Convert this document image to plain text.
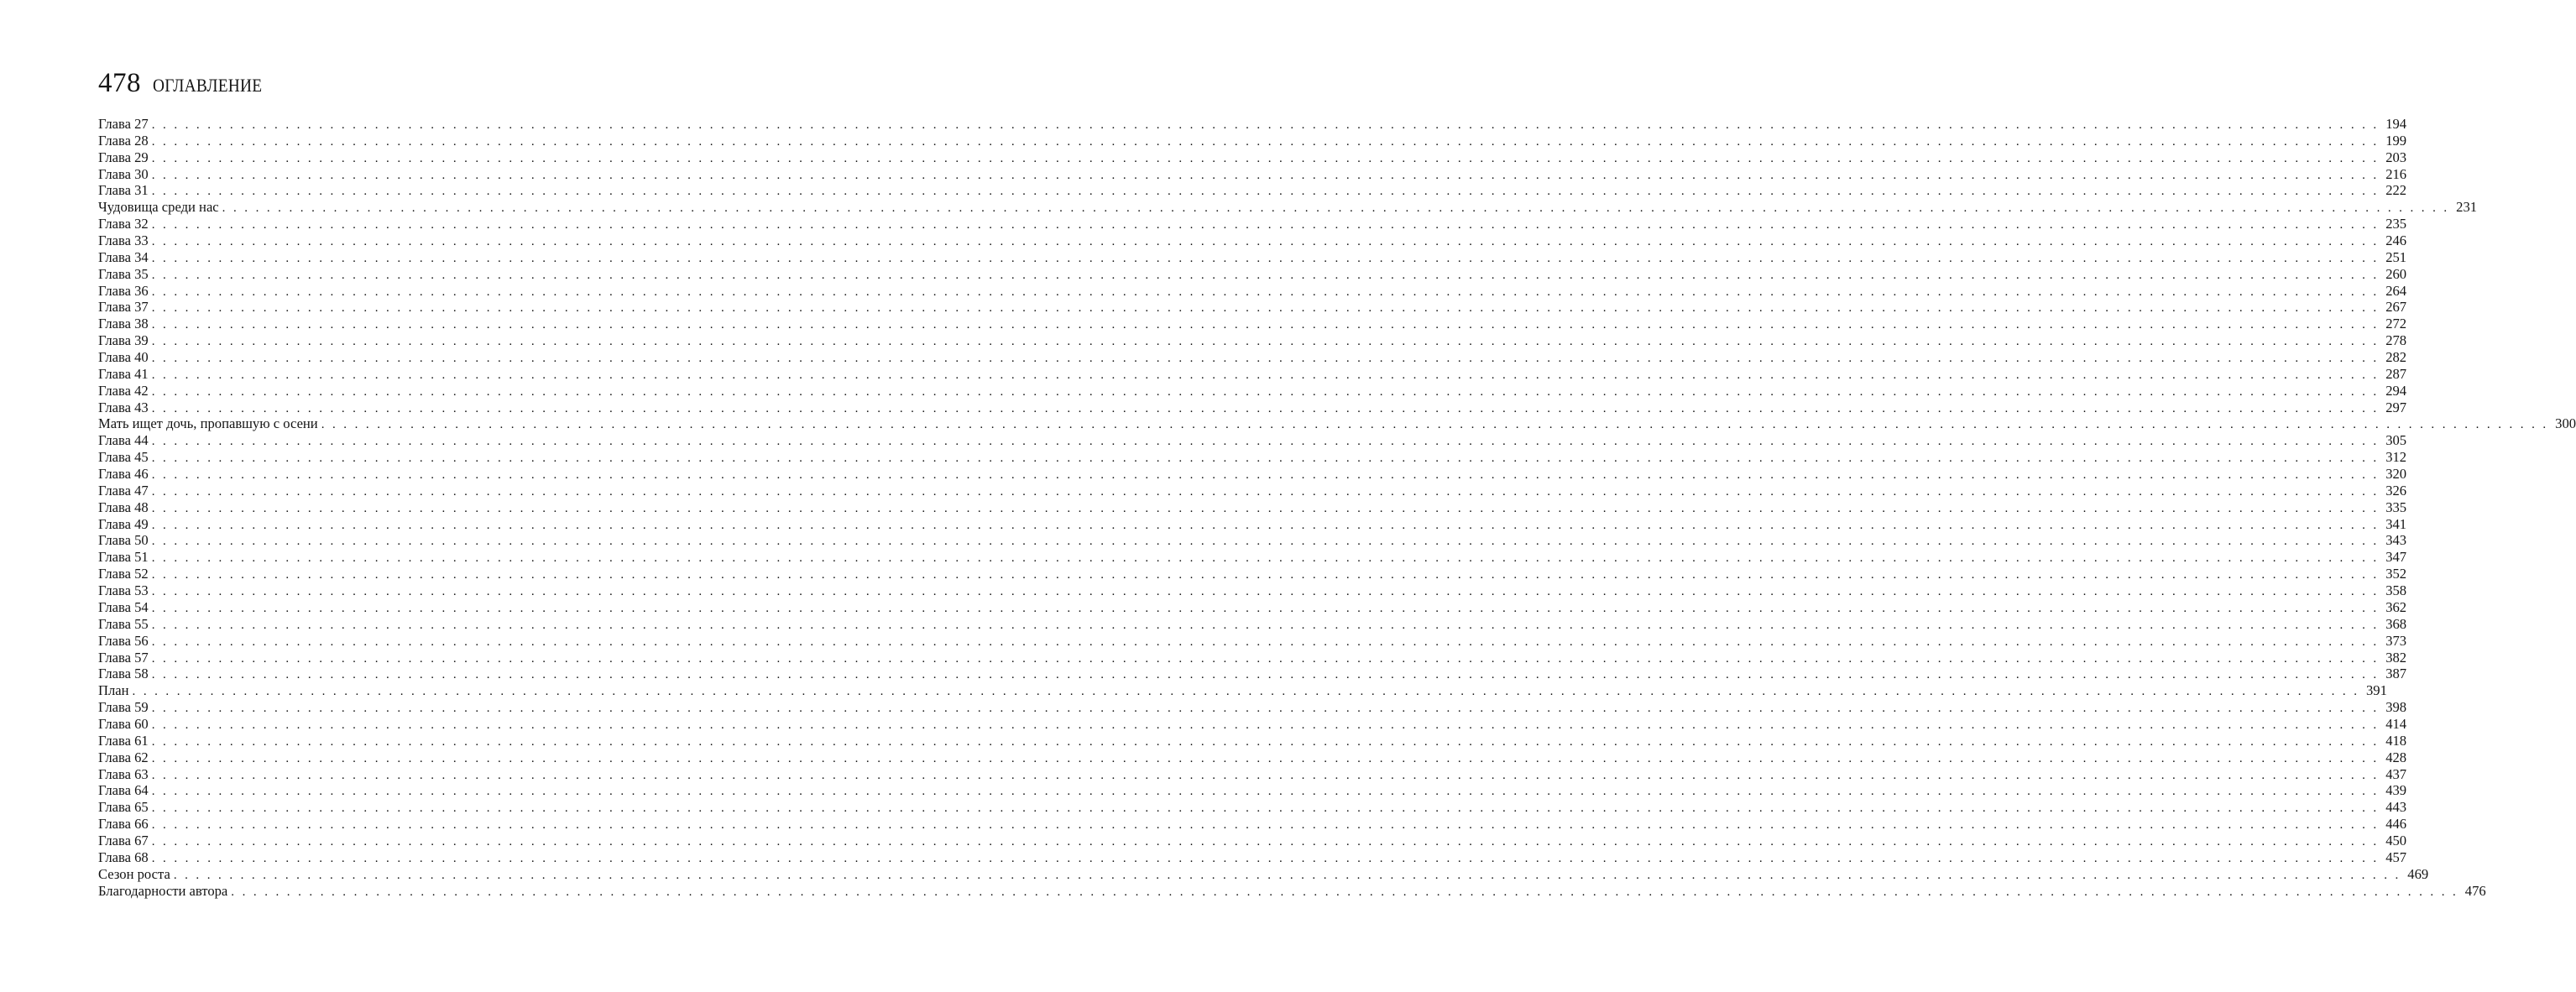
478 ОГЛАВЛЕНИЕ
Глава 27 . . . . . . . . . . . . . . . . . . . . . . . . . . . . . . . . . . . . . . . . . . . . . . . . . . . . . . . . . . . . . . . . . . . . . . . . . . . . . . . . . . . . . . . . . . . . . . . . . . . . . . . . . . . . . . . . . . . . . . . . . . . . . . . . . . . . . . . . . . . . . . . . . . . . . . . . . . . . . . . . . . . . . . . . . . . . . . . . . . . . . . . . . . . . . . . . . . . . . . . . 194
Глава 28 . . . . . . . . . . . . . . . . . . . . . . . . . . . . . . . . . . . . . . . . . . . . . . . . . . . . . . . . . . . . . . . . . . . . . . . . . . . . . . . . . . . . . . . . . . . . . . . . . . . . . . . . . . . . . . . . . . . . . . . . . . . . . . . . . . . . . . . . . . . . . . . . . . . . . . . . . . . . . . . . . . . . . . . . . . . . . . . . . . . . . . . . . . . . . . . . . . . . . . . . 199
Глава 29 . . . . . . . . . . . . . . . . . . . . . . . . . . . . . . . . . . . . . . . . . . . . . . . . . . . . . . . . . . . . . . . . . . . . . . . . . . . . . . . . . . . . . . . . . . . . . . . . . . . . . . . . . . . . . . . . . . . . . . . . . . . . . . . . . . . . . . . . . . . . . . . . . . . . . . . . . . . . . . . . . . . . . . . . . . . . . . . . . . . . . . . . . . . . . . . . . . . . . . . . 203
Глава 30 . . . . . . . . . . . . . . . . . . . . . . . . . . . . . . . . . . . . . . . . . . . . . . . . . . . . . . . . . . . . . . . . . . . . . . . . . . . . . . . . . . . . . . . . . . . . . . . . . . . . . . . . . . . . . . . . . . . . . . . . . . . . . . . . . . . . . . . . . . . . . . . . . . . . . . . . . . . . . . . . . . . . . . . . . . . . . . . . . . . . . . . . . . . . . . . . . . . . . . . . 216
Глава 31 . . . . . . . . . . . . . . . . . . . . . . . . . . . . . . . . . . . . . . . . . . . . . . . . . . . . . . . . . . . . . . . . . . . . . . . . . . . . . . . . . . . . . . . . . . . . . . . . . . . . . . . . . . . . . . . . . . . . . . . . . . . . . . . . . . . . . . . . . . . . . . . . . . . . . . . . . . . . . . . . . . . . . . . . . . . . . . . . . . . . . . . . . . . . . . . . . . . . . . . . 222
Чудовища среди нас . . . . . . . . . . . . . . . . . . . . . . . . . . . . . . . . . . . . . . . . . . . . . . . . . . . . . . . . . . . . . . . . . . . . . . . . . . . . . . . . . . . . . . . . . . . . . . . . . . . . . . . . . . . . . . . . . . . . . . . . . . . . . . . . . . . . . . . . . . . . . . . . . . . . . . . . . . . . . . . . . . . . . . . . . . . . . . . . . . . . . . . . . . . . . . . . . . . . . . . . 231
Глава 32 . . . . . . . . . . . . . . . . . . . . . . . . . . . . . . . . . . . . . . . . . . . . . . . . . . . . . . . . . . . . . . . . . . . . . . . . . . . . . . . . . . . . . . . . . . . . . . . . . . . . . . . . . . . . . . . . . . . . . . . . . . . . . . . . . . . . . . . . . . . . . . . . . . . . . . . . . . . . . . . . . . . . . . . . . . . . . . . . . . . . . . . . . . . . . . . . . . . . . . . . 235
Глава 33 . . . . . . . . . . . . . . . . . . . . . . . . . . . . . . . . . . . . . . . . . . . . . . . . . . . . . . . . . . . . . . . . . . . . . . . . . . . . . . . . . . . . . . . . . . . . . . . . . . . . . . . . . . . . . . . . . . . . . . . . . . . . . . . . . . . . . . . . . . . . . . . . . . . . . . . . . . . . . . . . . . . . . . . . . . . . . . . . . . . . . . . . . . . . . . . . . . . . . . . . 246
Глава 34 . . . . . . . . . . . . . . . . . . . . . . . . . . . . . . . . . . . . . . . . . . . . . . . . . . . . . . . . . . . . . . . . . . . . . . . . . . . . . . . . . . . . . . . . . . . . . . . . . . . . . . . . . . . . . . . . . . . . . . . . . . . . . . . . . . . . . . . . . . . . . . . . . . . . . . . . . . . . . . . . . . . . . . . . . . . . . . . . . . . . . . . . . . . . . . . . . . . . . . . . 251
Глава 35 . . . . . . . . . . . . . . . . . . . . . . . . . . . . . . . . . . . . . . . . . . . . . . . . . . . . . . . . . . . . . . . . . . . . . . . . . . . . . . . . . . . . . . . . . . . . . . . . . . . . . . . . . . . . . . . . . . . . . . . . . . . . . . . . . . . . . . . . . . . . . . . . . . . . . . . . . . . . . . . . . . . . . . . . . . . . . . . . . . . . . . . . . . . . . . . . . . . . . . . . 260
Глава 36 . . . . . . . . . . . . . . . . . . . . . . . . . . . . . . . . . . . . . . . . . . . . . . . . . . . . . . . . . . . . . . . . . . . . . . . . . . . . . . . . . . . . . . . . . . . . . . . . . . . . . . . . . . . . . . . . . . . . . . . . . . . . . . . . . . . . . . . . . . . . . . . . . . . . . . . . . . . . . . . . . . . . . . . . . . . . . . . . . . . . . . . . . . . . . . . . . . . . . . . . 264
Глава 37 . . . . . . . . . . . . . . . . . . . . . . . . . . . . . . . . . . . . . . . . . . . . . . . . . . . . . . . . . . . . . . . . . . . . . . . . . . . . . . . . . . . . . . . . . . . . . . . . . . . . . . . . . . . . . . . . . . . . . . . . . . . . . . . . . . . . . . . . . . . . . . . . . . . . . . . . . . . . . . . . . . . . . . . . . . . . . . . . . . . . . . . . . . . . . . . . . . . . . . . . 267
Глава 38 . . . . . . . . . . . . . . . . . . . . . . . . . . . . . . . . . . . . . . . . . . . . . . . . . . . . . . . . . . . . . . . . . . . . . . . . . . . . . . . . . . . . . . . . . . . . . . . . . . . . . . . . . . . . . . . . . . . . . . . . . . . . . . . . . . . . . . . . . . . . . . . . . . . . . . . . . . . . . . . . . . . . . . . . . . . . . . . . . . . . . . . . . . . . . . . . . . . . . . . . 272
Глава 39 . . . . . . . . . . . . . . . . . . . . . . . . . . . . . . . . . . . . . . . . . . . . . . . . . . . . . . . . . . . . . . . . . . . . . . . . . . . . . . . . . . . . . . . . . . . . . . . . . . . . . . . . . . . . . . . . . . . . . . . . . . . . . . . . . . . . . . . . . . . . . . . . . . . . . . . . . . . . . . . . . . . . . . . . . . . . . . . . . . . . . . . . . . . . . . . . . . . . . . . . 278
Глава 40 . . . . . . . . . . . . . . . . . . . . . . . . . . . . . . . . . . . . . . . . . . . . . . . . . . . . . . . . . . . . . . . . . . . . . . . . . . . . . . . . . . . . . . . . . . . . . . . . . . . . . . . . . . . . . . . . . . . . . . . . . . . . . . . . . . . . . . . . . . . . . . . . . . . . . . . . . . . . . . . . . . . . . . . . . . . . . . . . . . . . . . . . . . . . . . . . . . . . . . . . 282
Глава 41 . . . . . . . . . . . . . . . . . . . . . . . . . . . . . . . . . . . . . . . . . . . . . . . . . . . . . . . . . . . . . . . . . . . . . . . . . . . . . . . . . . . . . . . . . . . . . . . . . . . . . . . . . . . . . . . . . . . . . . . . . . . . . . . . . . . . . . . . . . . . . . . . . . . . . . . . . . . . . . . . . . . . . . . . . . . . . . . . . . . . . . . . . . . . . . . . . . . . . . . . 287
Глава 42 . . . . . . . . . . . . . . . . . . . . . . . . . . . . . . . . . . . . . . . . . . . . . . . . . . . . . . . . . . . . . . . . . . . . . . . . . . . . . . . . . . . . . . . . . . . . . . . . . . . . . . . . . . . . . . . . . . . . . . . . . . . . . . . . . . . . . . . . . . . . . . . . . . . . . . . . . . . . . . . . . . . . . . . . . . . . . . . . . . . . . . . . . . . . . . . . . . . . . . . . 294
Глава 43 . . . . . . . . . . . . . . . . . . . . . . . . . . . . . . . . . . . . . . . . . . . . . . . . . . . . . . . . . . . . . . . . . . . . . . . . . . . . . . . . . . . . . . . . . . . . . . . . . . . . . . . . . . . . . . . . . . . . . . . . . . . . . . . . . . . . . . . . . . . . . . . . . . . . . . . . . . . . . . . . . . . . . . . . . . . . . . . . . . . . . . . . . . . . . . . . . . . . . . . . 297
Мать ищет дочь, пропавшую с осени . . . . . . . . . . . . . . . . . . . . . . . . . . . . . . . . . . . . . . . . . . . . . . . . . . . . . . . . . . . . . . . . . . . . . . . . . . . . . . . . . . . . . . . . . . . . . . . . . . . . . . . . . . . . . . . . . . . . . . . . . . . . . . . . . . . . . . . . . . . . . . . . . . . . . . . . . . . . . . . . . . . . . . . . . . . . . . . . . . . . . . . . . . . . . . . . . . . . . . . . 300
Глава 44 . . . . . . . . . . . . . . . . . . . . . . . . . . . . . . . . . . . . . . . . . . . . . . . . . . . . . . . . . . . . . . . . . . . . . . . . . . . . . . . . . . . . . . . . . . . . . . . . . . . . . . . . . . . . . . . . . . . . . . . . . . . . . . . . . . . . . . . . . . . . . . . . . . . . . . . . . . . . . . . . . . . . . . . . . . . . . . . . . . . . . . . . . . . . . . . . . . . . . . . . 305
Глава 45 . . . . . . . . . . . . . . . . . . . . . . . . . . . . . . . . . . . . . . . . . . . . . . . . . . . . . . . . . . . . . . . . . . . . . . . . . . . . . . . . . . . . . . . . . . . . . . . . . . . . . . . . . . . . . . . . . . . . . . . . . . . . . . . . . . . . . . . . . . . . . . . . . . . . . . . . . . . . . . . . . . . . . . . . . . . . . . . . . . . . . . . . . . . . . . . . . . . . . . . . 312
Глава 46 . . . . . . . . . . . . . . . . . . . . . . . . . . . . . . . . . . . . . . . . . . . . . . . . . . . . . . . . . . . . . . . . . . . . . . . . . . . . . . . . . . . . . . . . . . . . . . . . . . . . . . . . . . . . . . . . . . . . . . . . . . . . . . . . . . . . . . . . . . . . . . . . . . . . . . . . . . . . . . . . . . . . . . . . . . . . . . . . . . . . . . . . . . . . . . . . . . . . . . . . 320
Глава 47 . . . . . . . . . . . . . . . . . . . . . . . . . . . . . . . . . . . . . . . . . . . . . . . . . . . . . . . . . . . . . . . . . . . . . . . . . . . . . . . . . . . . . . . . . . . . . . . . . . . . . . . . . . . . . . . . . . . . . . . . . . . . . . . . . . . . . . . . . . . . . . . . . . . . . . . . . . . . . . . . . . . . . . . . . . . . . . . . . . . . . . . . . . . . . . . . . . . . . . . . 326
Глава 48 . . . . . . . . . . . . . . . . . . . . . . . . . . . . . . . . . . . . . . . . . . . . . . . . . . . . . . . . . . . . . . . . . . . . . . . . . . . . . . . . . . . . . . . . . . . . . . . . . . . . . . . . . . . . . . . . . . . . . . . . . . . . . . . . . . . . . . . . . . . . . . . . . . . . . . . . . . . . . . . . . . . . . . . . . . . . . . . . . . . . . . . . . . . . . . . . . . . . . . . . 335
Глава 49 . . . . . . . . . . . . . . . . . . . . . . . . . . . . . . . . . . . . . . . . . . . . . . . . . . . . . . . . . . . . . . . . . . . . . . . . . . . . . . . . . . . . . . . . . . . . . . . . . . . . . . . . . . . . . . . . . . . . . . . . . . . . . . . . . . . . . . . . . . . . . . . . . . . . . . . . . . . . . . . . . . . . . . . . . . . . . . . . . . . . . . . . . . . . . . . . . . . . . . . . 341
Глава 50 . . . . . . . . . . . . . . . . . . . . . . . . . . . . . . . . . . . . . . . . . . . . . . . . . . . . . . . . . . . . . . . . . . . . . . . . . . . . . . . . . . . . . . . . . . . . . . . . . . . . . . . . . . . . . . . . . . . . . . . . . . . . . . . . . . . . . . . . . . . . . . . . . . . . . . . . . . . . . . . . . . . . . . . . . . . . . . . . . . . . . . . . . . . . . . . . . . . . . . . . 343
Глава 51 . . . . . . . . . . . . . . . . . . . . . . . . . . . . . . . . . . . . . . . . . . . . . . . . . . . . . . . . . . . . . . . . . . . . . . . . . . . . . . . . . . . . . . . . . . . . . . . . . . . . . . . . . . . . . . . . . . . . . . . . . . . . . . . . . . . . . . . . . . . . . . . . . . . . . . . . . . . . . . . . . . . . . . . . . . . . . . . . . . . . . . . . . . . . . . . . . . . . . . . . 347
Глава 52 . . . . . . . . . . . . . . . . . . . . . . . . . . . . . . . . . . . . . . . . . . . . . . . . . . . . . . . . . . . . . . . . . . . . . . . . . . . . . . . . . . . . . . . . . . . . . . . . . . . . . . . . . . . . . . . . . . . . . . . . . . . . . . . . . . . . . . . . . . . . . . . . . . . . . . . . . . . . . . . . . . . . . . . . . . . . . . . . . . . . . . . . . . . . . . . . . . . . . . . . 352
Глава 53 . . . . . . . . . . . . . . . . . . . . . . . . . . . . . . . . . . . . . . . . . . . . . . . . . . . . . . . . . . . . . . . . . . . . . . . . . . . . . . . . . . . . . . . . . . . . . . . . . . . . . . . . . . . . . . . . . . . . . . . . . . . . . . . . . . . . . . . . . . . . . . . . . . . . . . . . . . . . . . . . . . . . . . . . . . . . . . . . . . . . . . . . . . . . . . . . . . . . . . . . 358
Глава 54 . . . . . . . . . . . . . . . . . . . . . . . . . . . . . . . . . . . . . . . . . . . . . . . . . . . . . . . . . . . . . . . . . . . . . . . . . . . . . . . . . . . . . . . . . . . . . . . . . . . . . . . . . . . . . . . . . . . . . . . . . . . . . . . . . . . . . . . . . . . . . . . . . . . . . . . . . . . . . . . . . . . . . . . . . . . . . . . . . . . . . . . . . . . . . . . . . . . . . . . . 362
Глава 55 . . . . . . . . . . . . . . . . . . . . . . . . . . . . . . . . . . . . . . . . . . . . . . . . . . . . . . . . . . . . . . . . . . . . . . . . . . . . . . . . . . . . . . . . . . . . . . . . . . . . . . . . . . . . . . . . . . . . . . . . . . . . . . . . . . . . . . . . . . . . . . . . . . . . . . . . . . . . . . . . . . . . . . . . . . . . . . . . . . . . . . . . . . . . . . . . . . . . . . . . 368
Глава 56 . . . . . . . . . . . . . . . . . . . . . . . . . . . . . . . . . . . . . . . . . . . . . . . . . . . . . . . . . . . . . . . . . . . . . . . . . . . . . . . . . . . . . . . . . . . . . . . . . . . . . . . . . . . . . . . . . . . . . . . . . . . . . . . . . . . . . . . . . . . . . . . . . . . . . . . . . . . . . . . . . . . . . . . . . . . . . . . . . . . . . . . . . . . . . . . . . . . . . . . . 373
Глава 57 . . . . . . . . . . . . . . . . . . . . . . . . . . . . . . . . . . . . . . . . . . . . . . . . . . . . . . . . . . . . . . . . . . . . . . . . . . . . . . . . . . . . . . . . . . . . . . . . . . . . . . . . . . . . . . . . . . . . . . . . . . . . . . . . . . . . . . . . . . . . . . . . . . . . . . . . . . . . . . . . . . . . . . . . . . . . . . . . . . . . . . . . . . . . . . . . . . . . . . . . 382
Глава 58 . . . . . . . . . . . . . . . . . . . . . . . . . . . . . . . . . . . . . . . . . . . . . . . . . . . . . . . . . . . . . . . . . . . . . . . . . . . . . . . . . . . . . . . . . . . . . . . . . . . . . . . . . . . . . . . . . . . . . . . . . . . . . . . . . . . . . . . . . . . . . . . . . . . . . . . . . . . . . . . . . . . . . . . . . . . . . . . . . . . . . . . . . . . . . . . . . . . . . . . . 387
План . . . . . . . . . . . . . . . . . . . . . . . . . . . . . . . . . . . . . . . . . . . . . . . . . . . . . . . . . . . . . . . . . . . . . . . . . . . . . . . . . . . . . . . . . . . . . . . . . . . . . . . . . . . . . . . . . . . . . . . . . . . . . . . . . . . . . . . . . . . . . . . . . . . . . . . . . . . . . . . . . . . . . . . . . . . . . . . . . . . . . . . . . . . . . . . . . . . . . . . . 391
Глава 59 . . . . . . . . . . . . . . . . . . . . . . . . . . . . . . . . . . . . . . . . . . . . . . . . . . . . . . . . . . . . . . . . . . . . . . . . . . . . . . . . . . . . . . . . . . . . . . . . . . . . . . . . . . . . . . . . . . . . . . . . . . . . . . . . . . . . . . . . . . . . . . . . . . . . . . . . . . . . . . . . . . . . . . . . . . . . . . . . . . . . . . . . . . . . . . . . . . . . . . . . 398
Глава 60 . . . . . . . . . . . . . . . . . . . . . . . . . . . . . . . . . . . . . . . . . . . . . . . . . . . . . . . . . . . . . . . . . . . . . . . . . . . . . . . . . . . . . . . . . . . . . . . . . . . . . . . . . . . . . . . . . . . . . . . . . . . . . . . . . . . . . . . . . . . . . . . . . . . . . . . . . . . . . . . . . . . . . . . . . . . . . . . . . . . . . . . . . . . . . . . . . . . . . . . . 414
Глава 61 . . . . . . . . . . . . . . . . . . . . . . . . . . . . . . . . . . . . . . . . . . . . . . . . . . . . . . . . . . . . . . . . . . . . . . . . . . . . . . . . . . . . . . . . . . . . . . . . . . . . . . . . . . . . . . . . . . . . . . . . . . . . . . . . . . . . . . . . . . . . . . . . . . . . . . . . . . . . . . . . . . . . . . . . . . . . . . . . . . . . . . . . . . . . . . . . . . . . . . . . 418
Глава 62 . . . . . . . . . . . . . . . . . . . . . . . . . . . . . . . . . . . . . . . . . . . . . . . . . . . . . . . . . . . . . . . . . . . . . . . . . . . . . . . . . . . . . . . . . . . . . . . . . . . . . . . . . . . . . . . . . . . . . . . . . . . . . . . . . . . . . . . . . . . . . . . . . . . . . . . . . . . . . . . . . . . . . . . . . . . . . . . . . . . . . . . . . . . . . . . . . . . . . . . . 428
Глава 63 . . . . . . . . . . . . . . . . . . . . . . . . . . . . . . . . . . . . . . . . . . . . . . . . . . . . . . . . . . . . . . . . . . . . . . . . . . . . . . . . . . . . . . . . . . . . . . . . . . . . . . . . . . . . . . . . . . . . . . . . . . . . . . . . . . . . . . . . . . . . . . . . . . . . . . . . . . . . . . . . . . . . . . . . . . . . . . . . . . . . . . . . . . . . . . . . . . . . . . . . 437
Глава 64 . . . . . . . . . . . . . . . . . . . . . . . . . . . . . . . . . . . . . . . . . . . . . . . . . . . . . . . . . . . . . . . . . . . . . . . . . . . . . . . . . . . . . . . . . . . . . . . . . . . . . . . . . . . . . . . . . . . . . . . . . . . . . . . . . . . . . . . . . . . . . . . . . . . . . . . . . . . . . . . . . . . . . . . . . . . . . . . . . . . . . . . . . . . . . . . . . . . . . . . . 439
Глава 65 . . . . . . . . . . . . . . . . . . . . . . . . . . . . . . . . . . . . . . . . . . . . . . . . . . . . . . . . . . . . . . . . . . . . . . . . . . . . . . . . . . . . . . . . . . . . . . . . . . . . . . . . . . . . . . . . . . . . . . . . . . . . . . . . . . . . . . . . . . . . . . . . . . . . . . . . . . . . . . . . . . . . . . . . . . . . . . . . . . . . . . . . . . . . . . . . . . . . . . . . 443
Глава 66 . . . . . . . . . . . . . . . . . . . . . . . . . . . . . . . . . . . . . . . . . . . . . . . . . . . . . . . . . . . . . . . . . . . . . . . . . . . . . . . . . . . . . . . . . . . . . . . . . . . . . . . . . . . . . . . . . . . . . . . . . . . . . . . . . . . . . . . . . . . . . . . . . . . . . . . . . . . . . . . . . . . . . . . . . . . . . . . . . . . . . . . . . . . . . . . . . . . . . . . . 446
Глава 67 . . . . . . . . . . . . . . . . . . . . . . . . . . . . . . . . . . . . . . . . . . . . . . . . . . . . . . . . . . . . . . . . . . . . . . . . . . . . . . . . . . . . . . . . . . . . . . . . . . . . . . . . . . . . . . . . . . . . . . . . . . . . . . . . . . . . . . . . . . . . . . . . . . . . . . . . . . . . . . . . . . . . . . . . . . . . . . . . . . . . . . . . . . . . . . . . . . . . . . . . 450
Глава 68 . . . . . . . . . . . . . . . . . . . . . . . . . . . . . . . . . . . . . . . . . . . . . . . . . . . . . . . . . . . . . . . . . . . . . . . . . . . . . . . . . . . . . . . . . . . . . . . . . . . . . . . . . . . . . . . . . . . . . . . . . . . . . . . . . . . . . . . . . . . . . . . . . . . . . . . . . . . . . . . . . . . . . . . . . . . . . . . . . . . . . . . . . . . . . . . . . . . . . . . . 457
Сезон роста . . . . . . . . . . . . . . . . . . . . . . . . . . . . . . . . . . . . . . . . . . . . . . . . . . . . . . . . . . . . . . . . . . . . . . . . . . . . . . . . . . . . . . . . . . . . . . . . . . . . . . . . . . . . . . . . . . . . . . . . . . . . . . . . . . . . . . . . . . . . . . . . . . . . . . . . . . . . . . . . . . . . . . . . . . . . . . . . . . . . . . . . . . . . . . . . . . . . . . . . 469
Благодарности автора . . . . . . . . . . . . . . . . . . . . . . . . . . . . . . . . . . . . . . . . . . . . . . . . . . . . . . . . . . . . . . . . . . . . . . . . . . . . . . . . . . . . . . . . . . . . . . . . . . . . . . . . . . . . . . . . . . . . . . . . . . . . . . . . . . . . . . . . . . . . . . . . . . . . . . . . . . . . . . . . . . . . . . . . . . . . . . . . . . . . . . . . . . . . . . . . . . . . . . . . 476
